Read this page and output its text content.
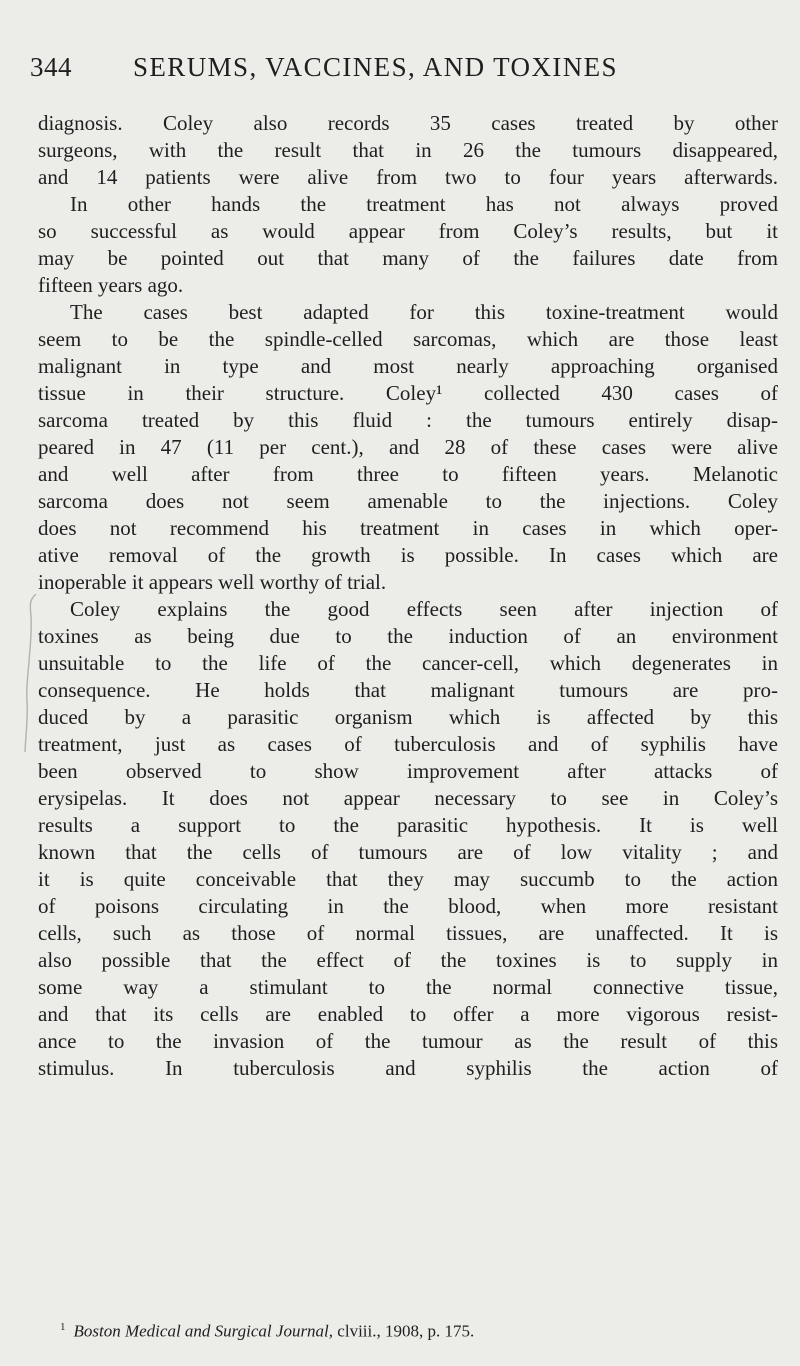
344 SERUMS, VACCINES, AND TOXINES
diagnosis. Coley also records 35 cases treated by other
surgeons, with the result that in 26 the tumours disappeared,
and 14 patients were alive from two to four years afterwards.
In other hands the treatment has not always proved
so successful as would appear from Coley’s results, but it
may be pointed out that many of the failures date from
fifteen years ago.
The cases best adapted for this toxine-treatment would
seem to be the spindle-celled sarcomas, which are those least
malignant in type and most nearly approaching organised
tissue in their structure. Coley¹ collected 430 cases of
sarcoma treated by this fluid : the tumours entirely disap-
peared in 47 (11 per cent.), and 28 of these cases were alive
and well after from three to fifteen years. Melanotic
sarcoma does not seem amenable to the injections. Coley
does not recommend his treatment in cases in which oper-
ative removal of the growth is possible. In cases which are
inoperable it appears well worthy of trial.
Coley explains the good effects seen after injection of
toxines as being due to the induction of an environment
unsuitable to the life of the cancer-cell, which degenerates in
consequence. He holds that malignant tumours are pro-
duced by a parasitic organism which is affected by this
treatment, just as cases of tuberculosis and of syphilis have
been observed to show improvement after attacks of
erysipelas. It does not appear necessary to see in Coley’s
results a support to the parasitic hypothesis. It is well
known that the cells of tumours are of low vitality ; and
it is quite conceivable that they may succumb to the action
of poisons circulating in the blood, when more resistant
cells, such as those of normal tissues, are unaffected. It is
also possible that the effect of the toxines is to supply in
some way a stimulant to the normal connective tissue,
and that its cells are enabled to offer a more vigorous resist-
ance to the invasion of the tumour as the result of this
stimulus. In tuberculosis and syphilis the action of
$^1$ Boston Medical and Surgical Journal, clviii., 1908, p. 175.
